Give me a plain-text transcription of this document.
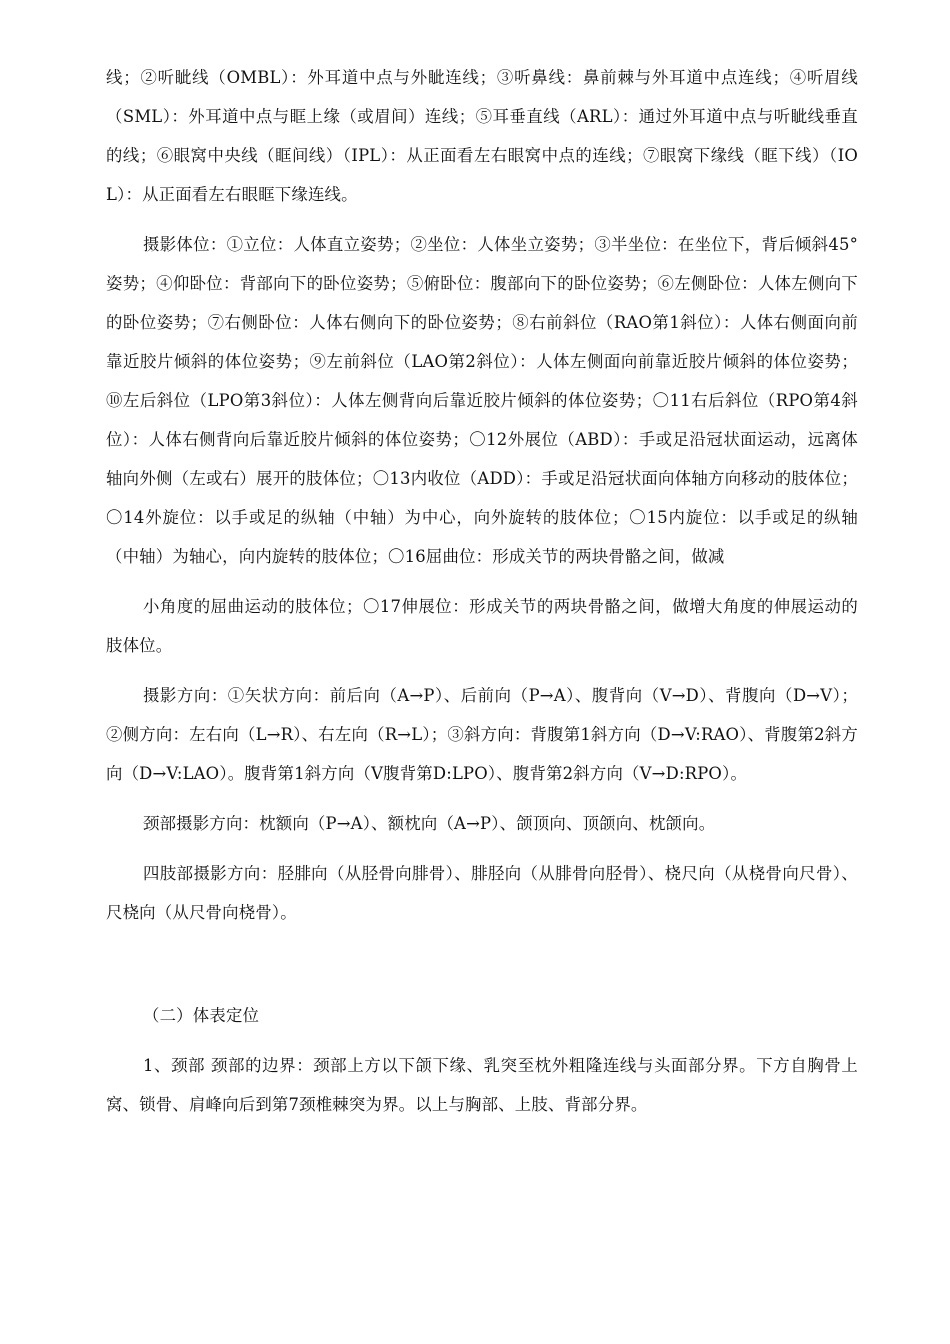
线；②听眦线（OMBL）：外耳道中点与外眦连线；③听鼻线：鼻前棘与外耳道中点连线；④听眉线（SML）：外耳道中点与眶上缘（或眉间）连线；⑤耳垂直线（ARL）：通过外耳道中点与听眦线垂直的线；⑥眼窝中央线（眶间线）（IPL）：从正面看左右眼窝中点的连线；⑦眼窝下缘线（眶下线）（IOL）：从正面看左右眼眶下缘连线。

摄影体位：①立位：人体直立姿势；②坐位：人体坐立姿势；③半坐位：在坐位下，背后倾斜45°姿势；④仰卧位：背部向下的卧位姿势；⑤俯卧位：腹部向下的卧位姿势；⑥左侧卧位：人体左侧向下的卧位姿势；⑦右侧卧位：人体右侧向下的卧位姿势；⑧右前斜位（RAO第1斜位）：人体右侧面向前靠近胶片倾斜的体位姿势；⑨左前斜位（LAO第2斜位）：人体左侧面向前靠近胶片倾斜的体位姿势；⑩左后斜位（LPO第3斜位）：人体左侧背向后靠近胶片倾斜的体位姿势；〇11右后斜位（RPO第4斜位）：人体右侧背向后靠近胶片倾斜的体位姿势；〇12外展位（ABD）：手或足沿冠状面运动，远离体轴向外侧（左或右）展开的肢体位；〇13内收位（ADD）：手或足沿冠状面向体轴方向移动的肢体位；〇14外旋位：以手或足的纵轴（中轴）为中心，向外旋转的肢体位；〇15内旋位：以手或足的纵轴（中轴）为轴心，向内旋转的肢体位；〇16屈曲位：形成关节的两块骨骼之间，做减

小角度的屈曲运动的肢体位；〇17伸展位：形成关节的两块骨骼之间，做增大角度的伸展运动的肢体位。

摄影方向：①矢状方向：前后向（A→P）、后前向（P→A）、腹背向（V→D）、背腹向（D→V）；②侧方向：左右向（L→R）、右左向（R→L）；③斜方向：背腹第1斜方向（D→V:RAO）、背腹第2斜方向（D→V:LAO）。腹背第1斜方向（V腹背第D:LPO）、腹背第2斜方向（V→D:RPO）。

颈部摄影方向：枕额向（P→A）、额枕向（A→P）、颌顶向、顶颌向、枕颌向。

四肢部摄影方向：胫腓向（从胫骨向腓骨）、腓胫向（从腓骨向胫骨）、桡尺向（从桡骨向尺骨）、尺桡向（从尺骨向桡骨）。

（二）体表定位

1、颈部 颈部的边界：颈部上方以下颌下缘、乳突至枕外粗隆连线与头面部分界。下方自胸骨上窝、锁骨、肩峰向后到第7颈椎棘突为界。以上与胸部、上肢、背部分界。
